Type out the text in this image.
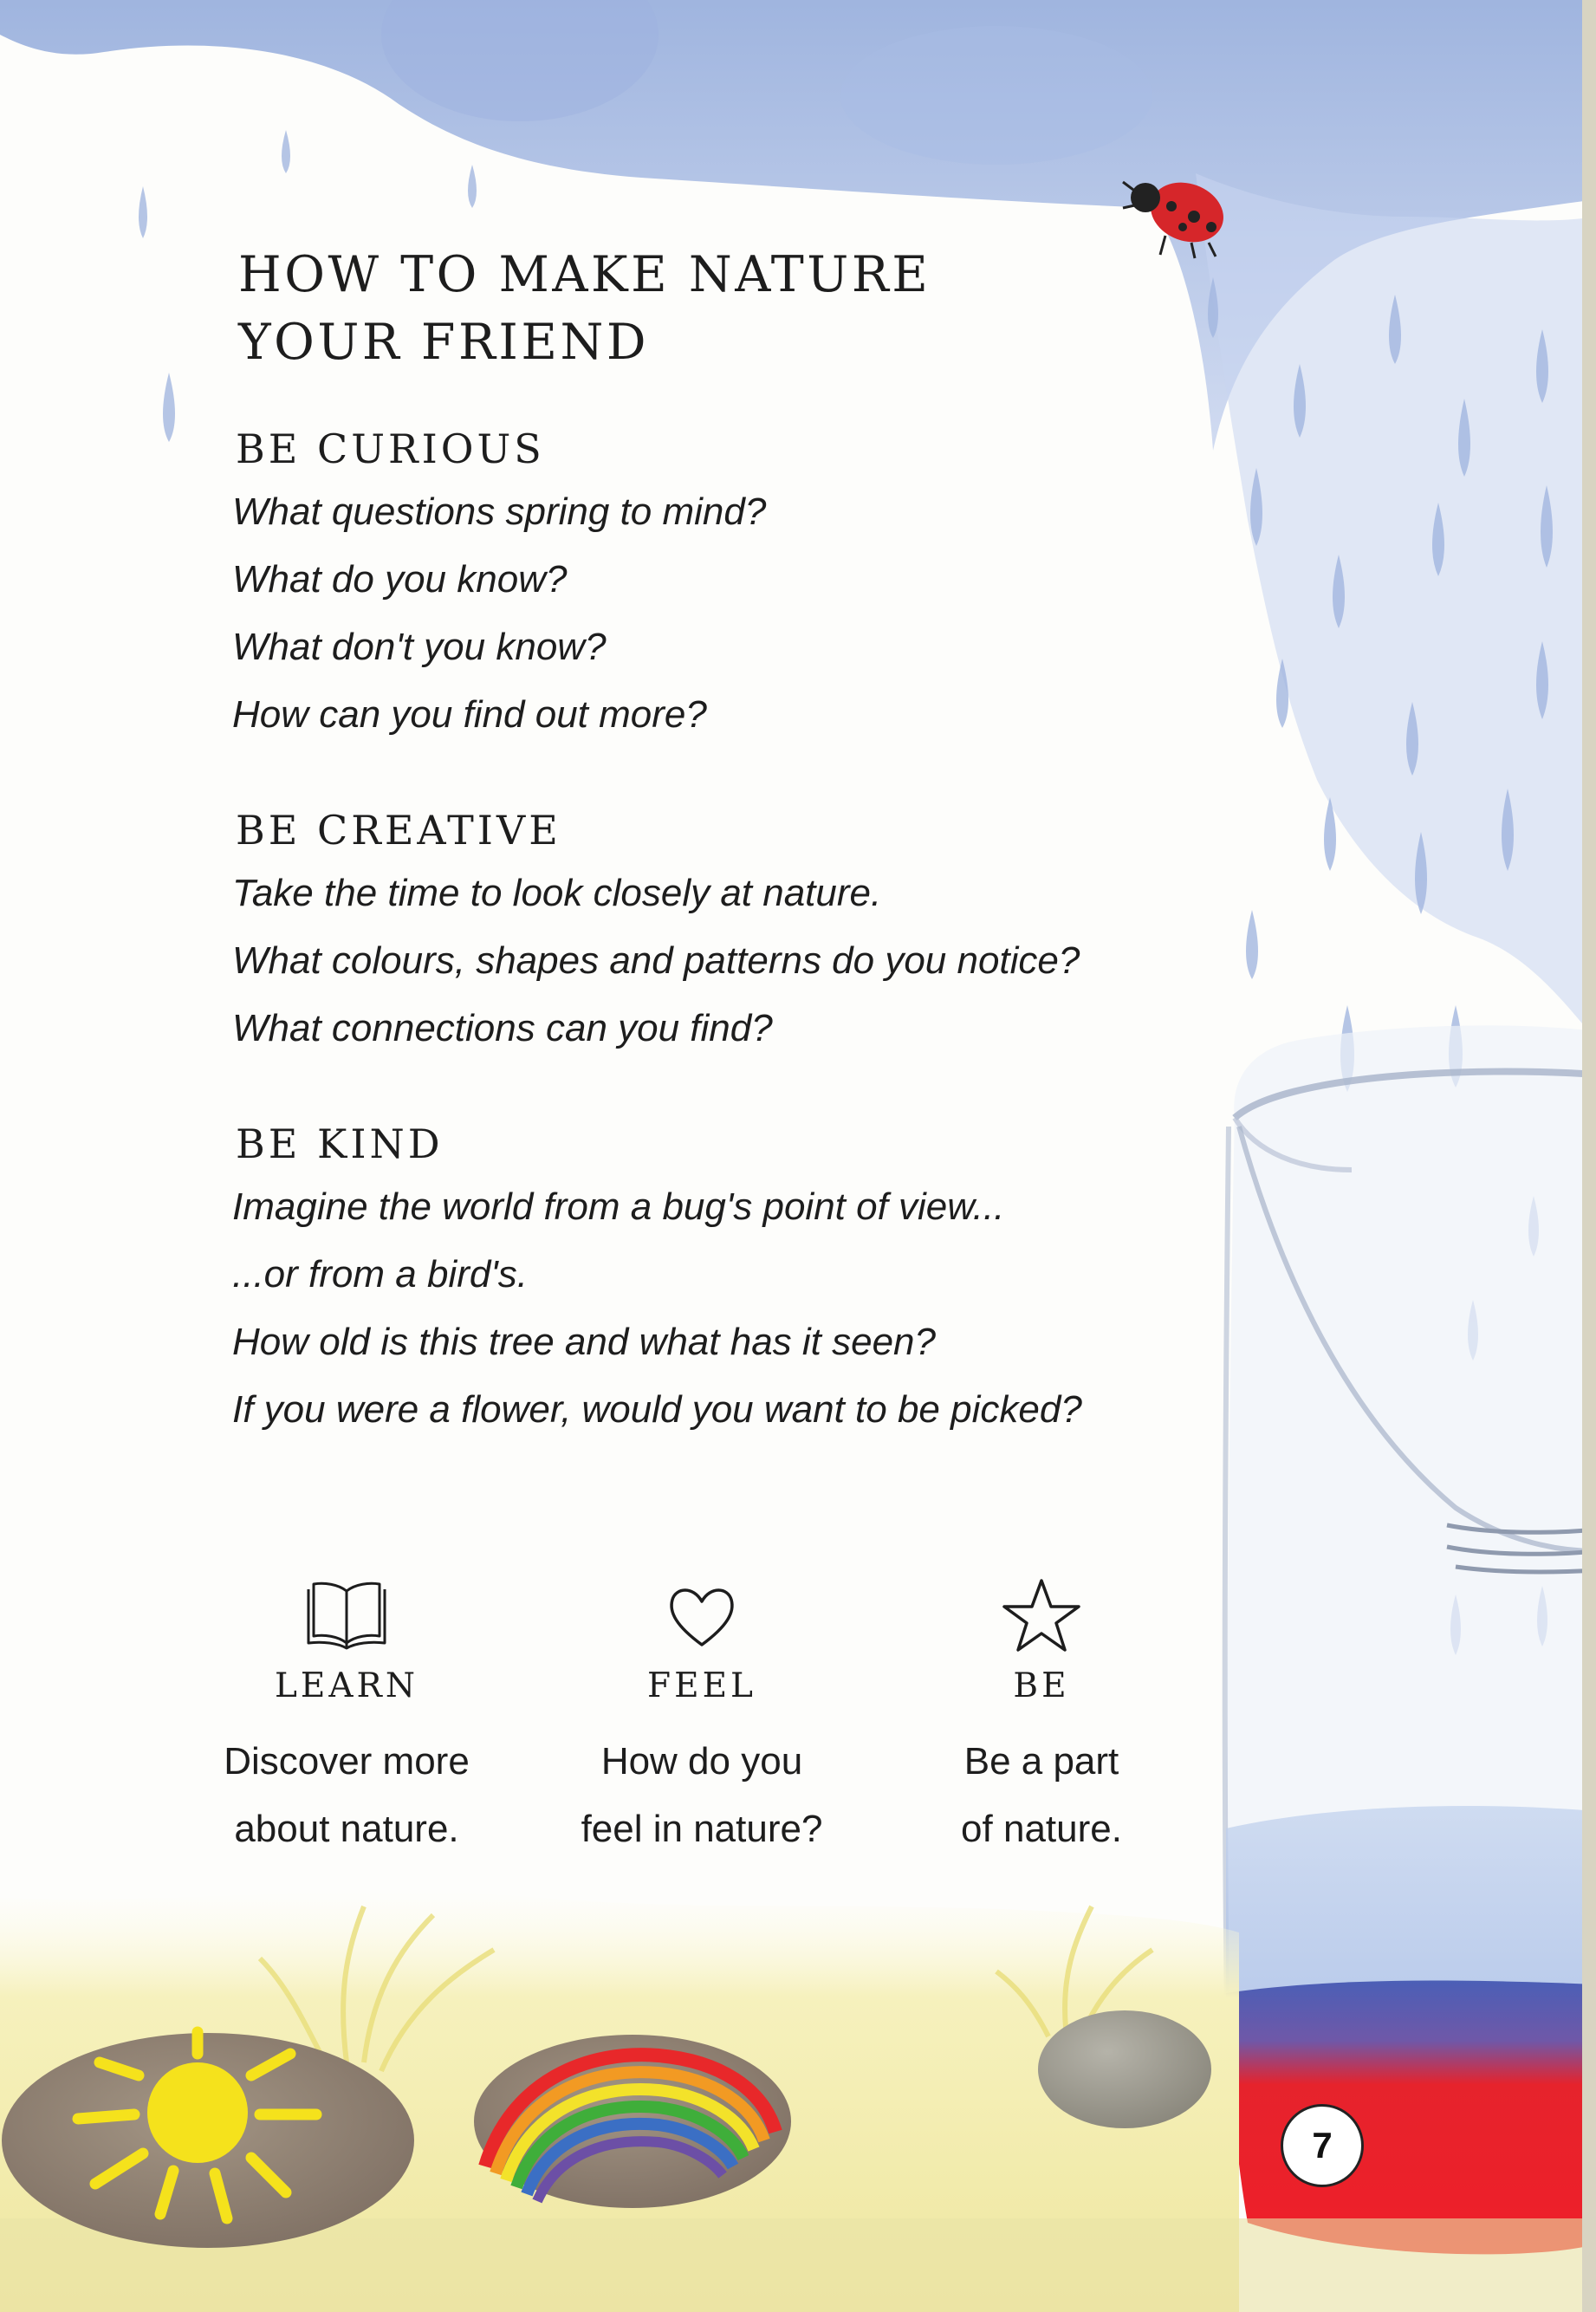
HOW TO MAKE NATURE
YOUR FRIEND
BE CURIOUS
What questions spring to mind?
What do you know?
What don't you know?
How can you find out more?
BE CREATIVE
Take the time to look closely at nature.
What colours, shapes and patterns do you notice?
What connections can you find?
BE KIND
Imagine the world from a bug's point of view...
...or from a bird's.
How old is this tree and what has it seen?
If you were a flower, would you want to be picked?
LEARN
Discover more
about nature.
FEEL
How do you
feel in nature?
BE
Be a part
of nature.
7
